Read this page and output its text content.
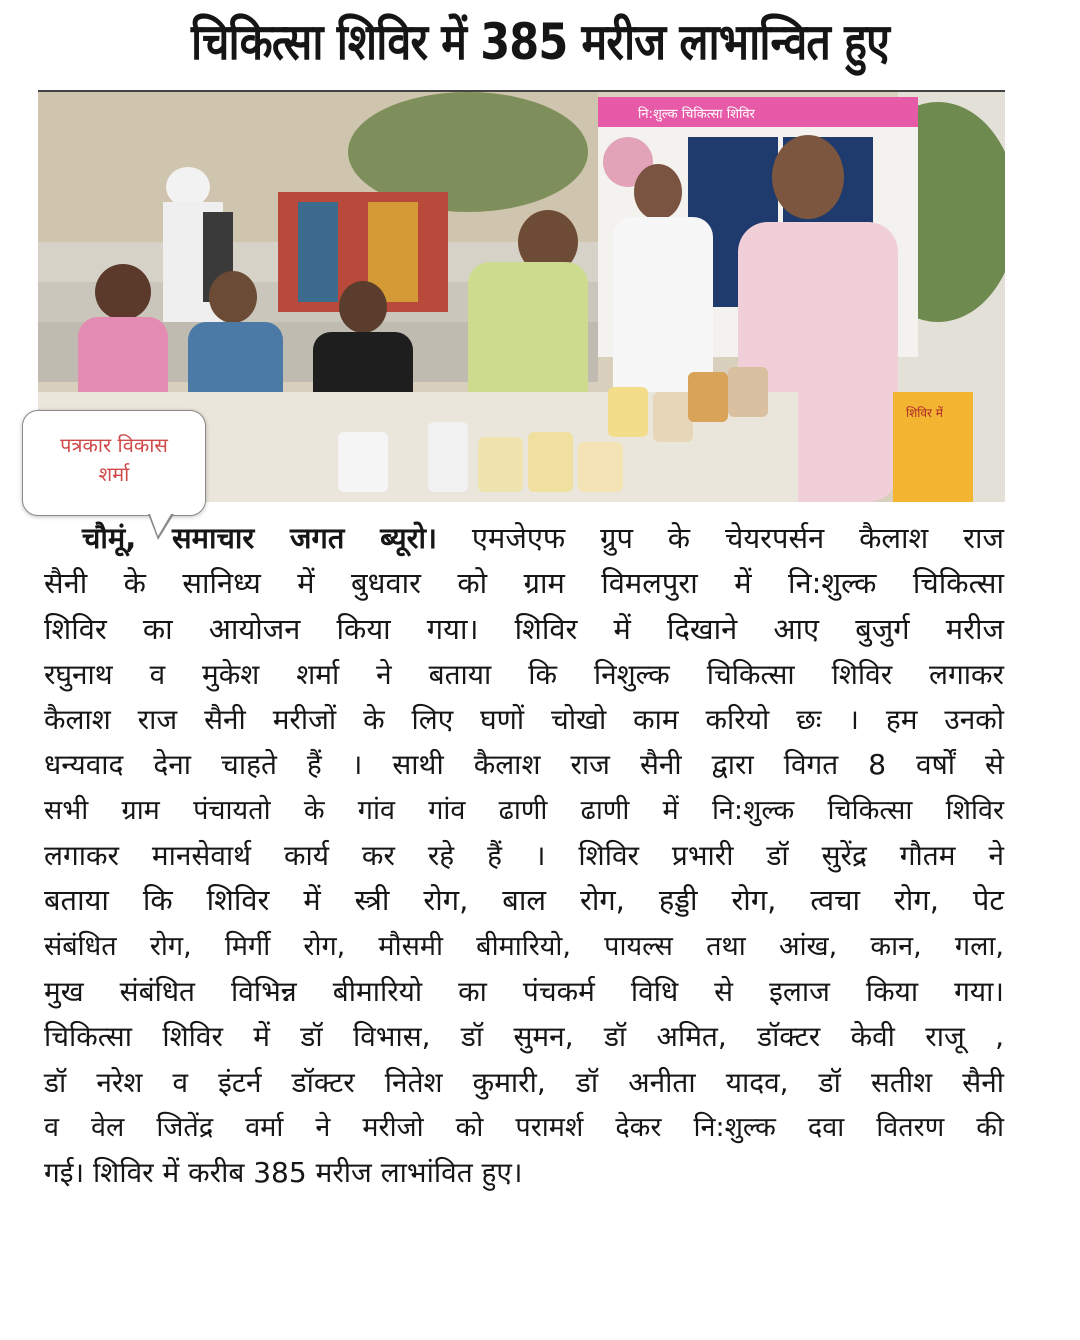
चिकित्सा शिविर में 385 मरीज लाभान्वित हुए
नि:शुल्क चिकित्सा शिविर
शिविर में
पत्रकार विकास
शर्मा
चौमूं, समाचार जगत ब्यूरो। एमजेएफ ग्रुप के चेयरपर्सन कैलाश राज
सैनी के सानिध्य में बुधवार को ग्राम विमलपुरा में नि:शुल्क चिकित्सा
शिविर का आयोजन किया गया। शिविर में दिखाने आए बुजुर्ग मरीज
रघुनाथ व मुकेश शर्मा ने बताया कि निशुल्क चिकित्सा शिविर लगाकर
कैलाश राज सैनी मरीजों के लिए घणों चोखो काम करियो छः । हम उनको
धन्यवाद देना चाहते हैं । साथी कैलाश राज सैनी द्वारा विगत 8 वर्षों से
सभी ग्राम पंचायतो के गांव गांव ढाणी ढाणी में नि:शुल्क चिकित्सा शिविर
लगाकर मानसेवार्थ कार्य कर रहे हैं । शिविर प्रभारी डॉ सुरेंद्र गौतम ने
बताया कि शिविर में स्त्री रोग, बाल रोग, हड्डी रोग, त्वचा रोग, पेट
संबंधित रोग, मिर्गी रोग, मौसमी बीमारियो, पायल्स तथा आंख, कान, गला,
मुख संबंधित विभिन्न बीमारियो का पंचकर्म विधि से इलाज किया गया।
चिकित्सा शिविर में डॉ विभास, डॉ सुमन, डॉ अमित, डॉक्टर केवी राजू ,
डॉ नरेश व इंटर्न डॉक्टर नितेश कुमारी, डॉ अनीता यादव, डॉ सतीश सैनी
व वेल जितेंद्र वर्मा ने मरीजो को परामर्श देकर नि:शुल्क दवा वितरण की
गई। शिविर में करीब 385 मरीज लाभांवित हुए।
